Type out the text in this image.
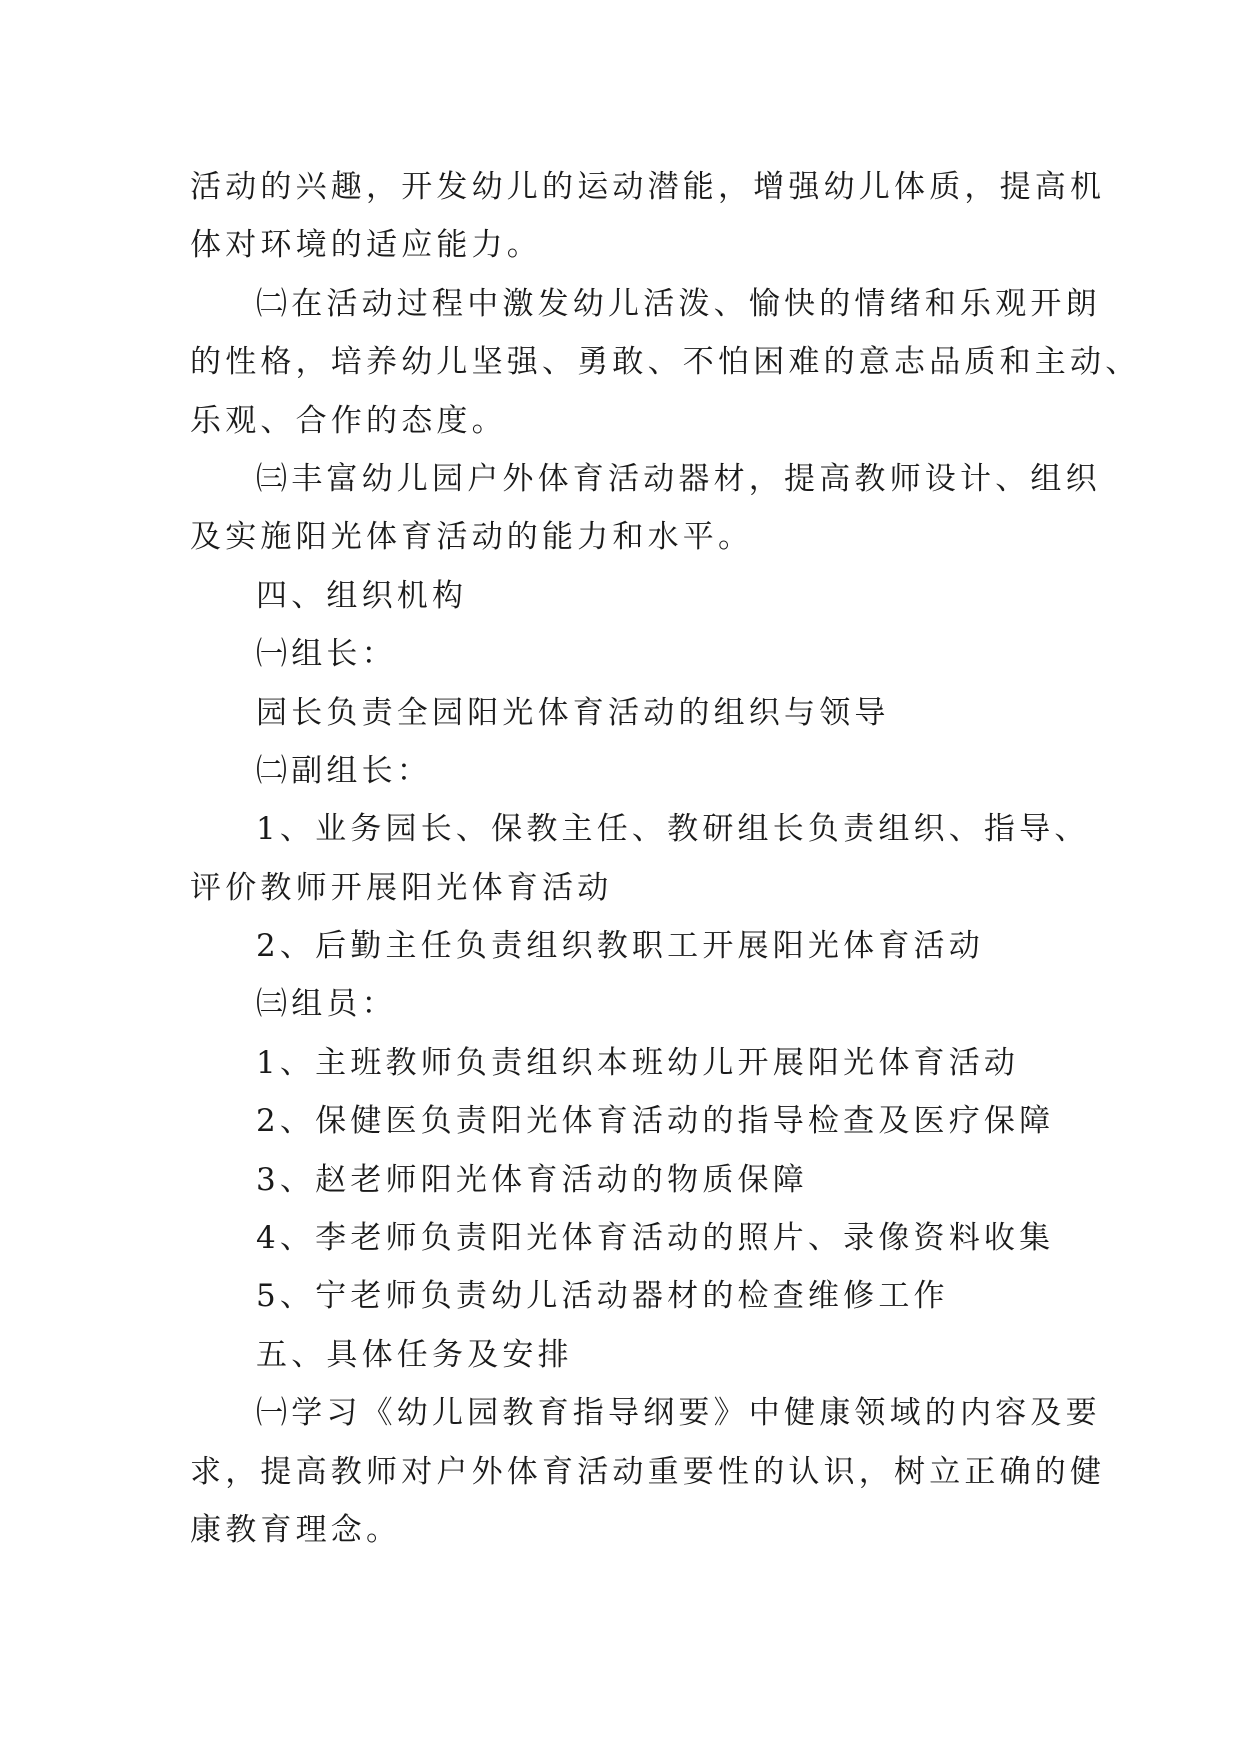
活动的兴趣，开发幼儿的运动潜能，增强幼儿体质，提高机
体对环境的适应能力。
㈡在活动过程中激发幼儿活泼、愉快的情绪和乐观开朗
的性格，培养幼儿坚强、勇敢、不怕困难的意志品质和主动、
乐观、合作的态度。
㈢丰富幼儿园户外体育活动器材，提高教师设计、组织
及实施阳光体育活动的能力和水平。
四、组织机构
㈠组长：
园长负责全园阳光体育活动的组织与领导
㈡副组长：
1、业务园长、保教主任、教研组长负责组织、指导、
评价教师开展阳光体育活动
2、后勤主任负责组织教职工开展阳光体育活动
㈢组员：
1、主班教师负责组织本班幼儿开展阳光体育活动
2、保健医负责阳光体育活动的指导检查及医疗保障
3、赵老师阳光体育活动的物质保障
4、李老师负责阳光体育活动的照片、录像资料收集
5、宁老师负责幼儿活动器材的检查维修工作
五、具体任务及安排
㈠学习《幼儿园教育指导纲要》中健康领域的内容及要
求，提高教师对户外体育活动重要性的认识，树立正确的健
康教育理念。
